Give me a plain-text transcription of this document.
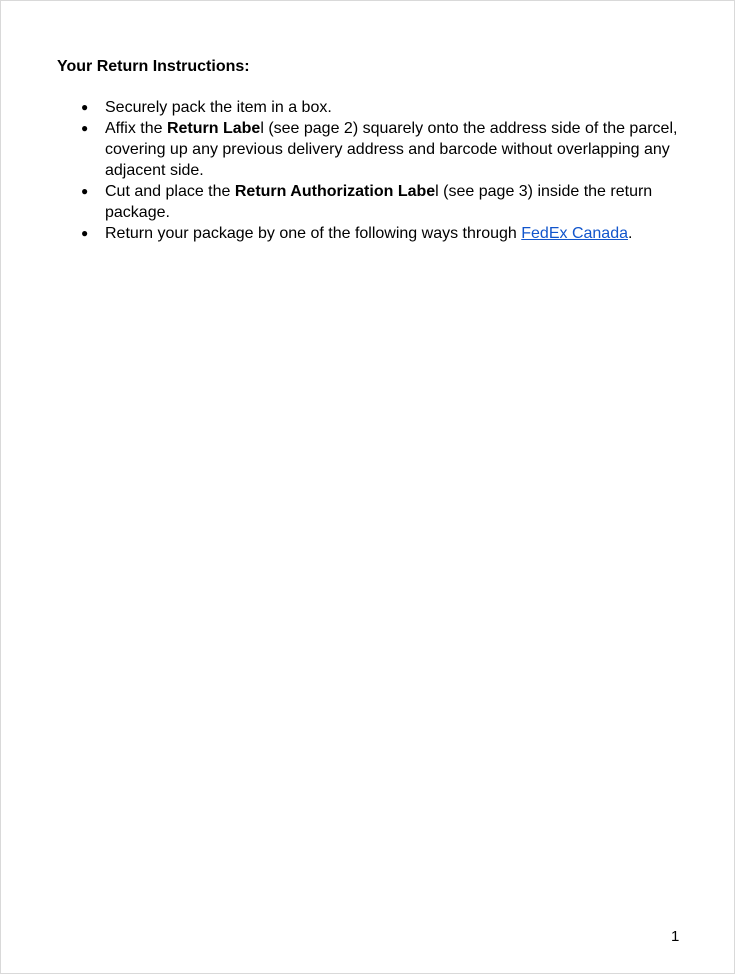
Your Return Instructions:

●	Securely pack the item in a box.
●	Affix the Return Label (see page 2) squarely onto the address side of the parcel, covering up any previous delivery address and barcode without overlapping any adjacent side.
●	Cut and place the Return Authorization Label (see page 3) inside the return package.
●	Return your package by one of the following ways through FedEx Canada.
1
